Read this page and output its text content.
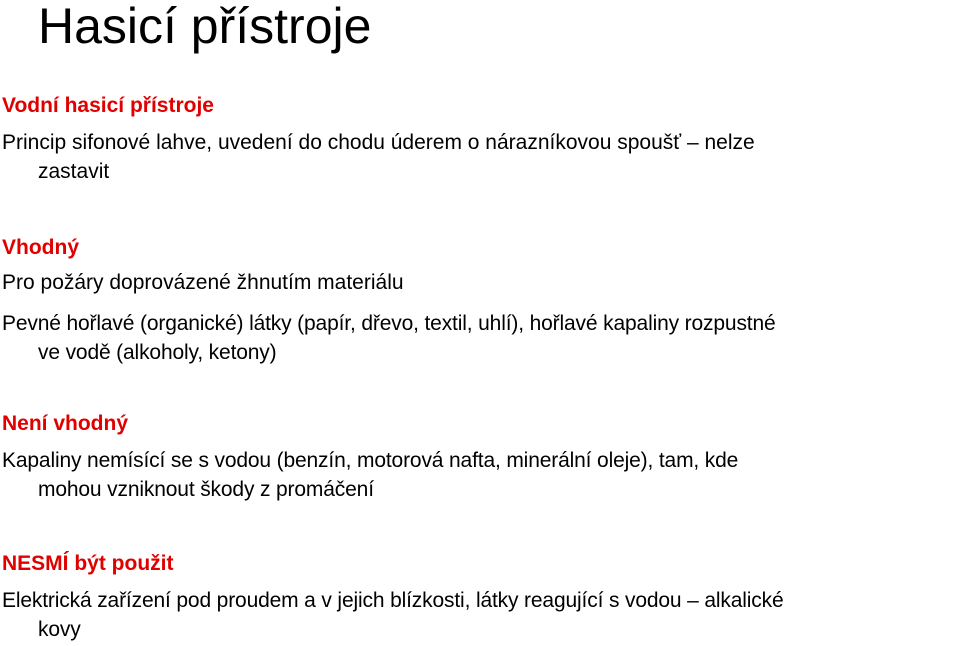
Hasicí přístroje
Vodní hasicí přístroje

Princip sifonové lahve, uvedení do chodu úderem o nárazníkovou spoušť – nelze
zastavit

Vhodný

Pro požáry doprovázené žhnutím materiálu

Pevné hořlavé (organické) látky (papír, dřevo, textil, uhlí), hořlavé kapaliny rozpustné
ve vodě (alkoholy, ketony)

Není vhodný

Kapaliny nemísící se s vodou (benzín, motorová nafta, minerální oleje), tam, kde
mohou vzniknout škody z promáčení

NESMÍ být použit

Elektrická zařízení pod proudem a v jejich blízkosti, látky reagující s vodou – alkalické
kovy
